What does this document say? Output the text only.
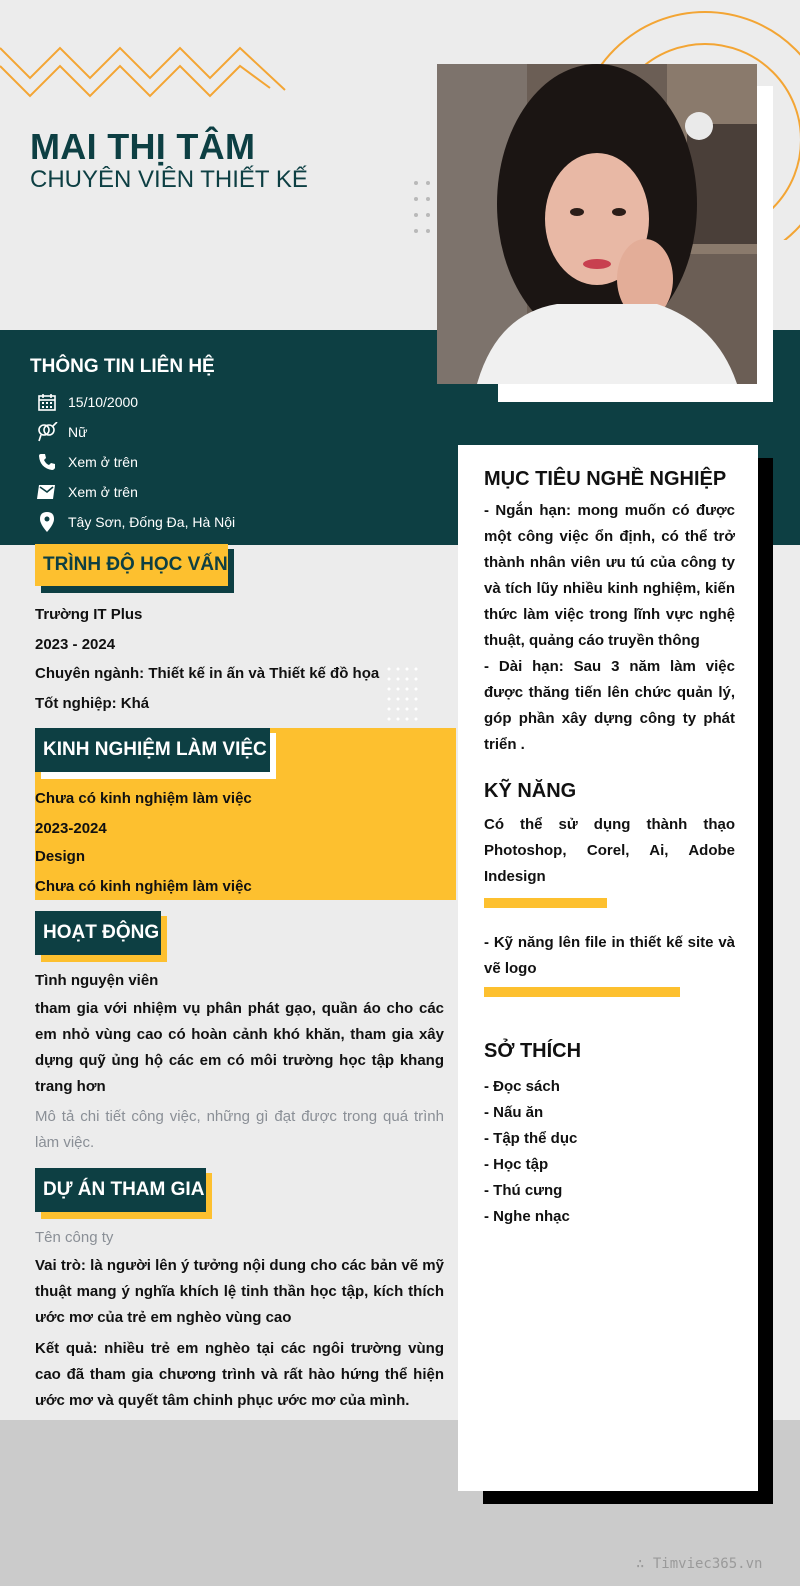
MAI THỊ TÂM
CHUYÊN VIÊN THIẾT KẾ
THÔNG TIN LIÊN HỆ
15/10/2000
Nữ
Xem ở trên
Xem ở trên
Tây Sơn, Đống Đa, Hà Nội
TRÌNH ĐỘ HỌC VẤN
Trường IT Plus
2023 - 2024
Chuyên ngành: Thiết kế in ấn và Thiết kế đồ họa
Tốt nghiệp: Khá
KINH NGHIỆM LÀM VIỆC
Chưa có kinh nghiệm làm việc
2023-2024
Design
Chưa có kinh nghiệm làm việc
HOẠT ĐỘNG
Tình nguyện viên
tham gia với nhiệm vụ phân phát gạo, quần áo cho các em nhỏ vùng cao có hoàn cảnh khó khăn, tham gia xây dựng quỹ ủng hộ các em có môi trường học tập khang trang hơn
Mô tả chi tiết công việc, những gì đạt được trong quá trình làm việc.
DỰ ÁN THAM GIA
Tên công ty
Vai trò: là người lên ý tưởng nội dung cho các bản vẽ mỹ thuật mang ý nghĩa khích lệ tinh thần học tập, kích thích ước mơ của trẻ em nghèo vùng cao
Kết quả: nhiều trẻ em nghèo tại các ngôi trường vùng cao đã tham gia chương trình và rất hào hứng thể hiện ước mơ và quyết tâm chinh phục ước mơ của mình.
MỤC TIÊU NGHỀ NGHIỆP
- Ngắn hạn: mong muốn có được một công việc ổn định, có thể trở thành nhân viên ưu tú của công ty và tích lũy nhiều kinh nghiệm, kiến thức làm việc trong lĩnh vực nghệ thuật, quảng cáo truyền thông
- Dài hạn: Sau 3 năm làm việc được thăng tiến lên chức quản lý, góp phần xây dựng công ty phát triển .
KỸ NĂNG
Có thể sử dụng thành thạo Photoshop, Corel, Ai, Adobe Indesign
- Kỹ năng lên file in thiết kế site và vẽ logo
SỞ THÍCH
- Đọc sách
- Nấu ăn
- Tập thể dục
- Học tập
- Thú cưng
- Nghe nhạc
∴ Timviec365.vn
